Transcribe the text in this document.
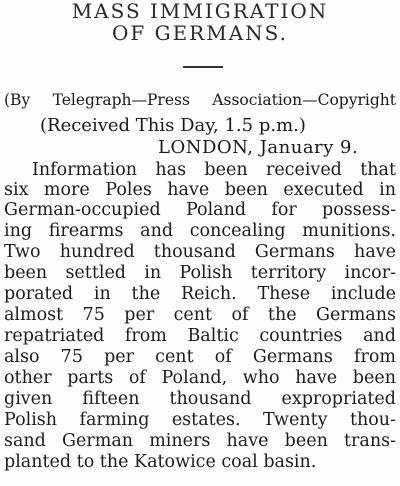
MASS IMMIGRATION
OF GERMANS.
(By Telegraph—Press Association—Copyright
(Received This Day, 1.5 p.m.)
LONDON, January 9.
Information has been received that
six more Poles have been executed in
German-occupied Poland for possess-
ing firearms and concealing munitions.
Two hundred thousand Germans have
been settled in Polish territory incor-
porated in the Reich. These include
almost 75 per cent of the Germans
repatriated from Baltic countries and
also 75 per cent of Germans from
other parts of Poland, who have been
given fifteen thousand expropriated
Polish farming estates. Twenty thou-
sand German miners have been trans-
planted to the Katowice coal basin.
